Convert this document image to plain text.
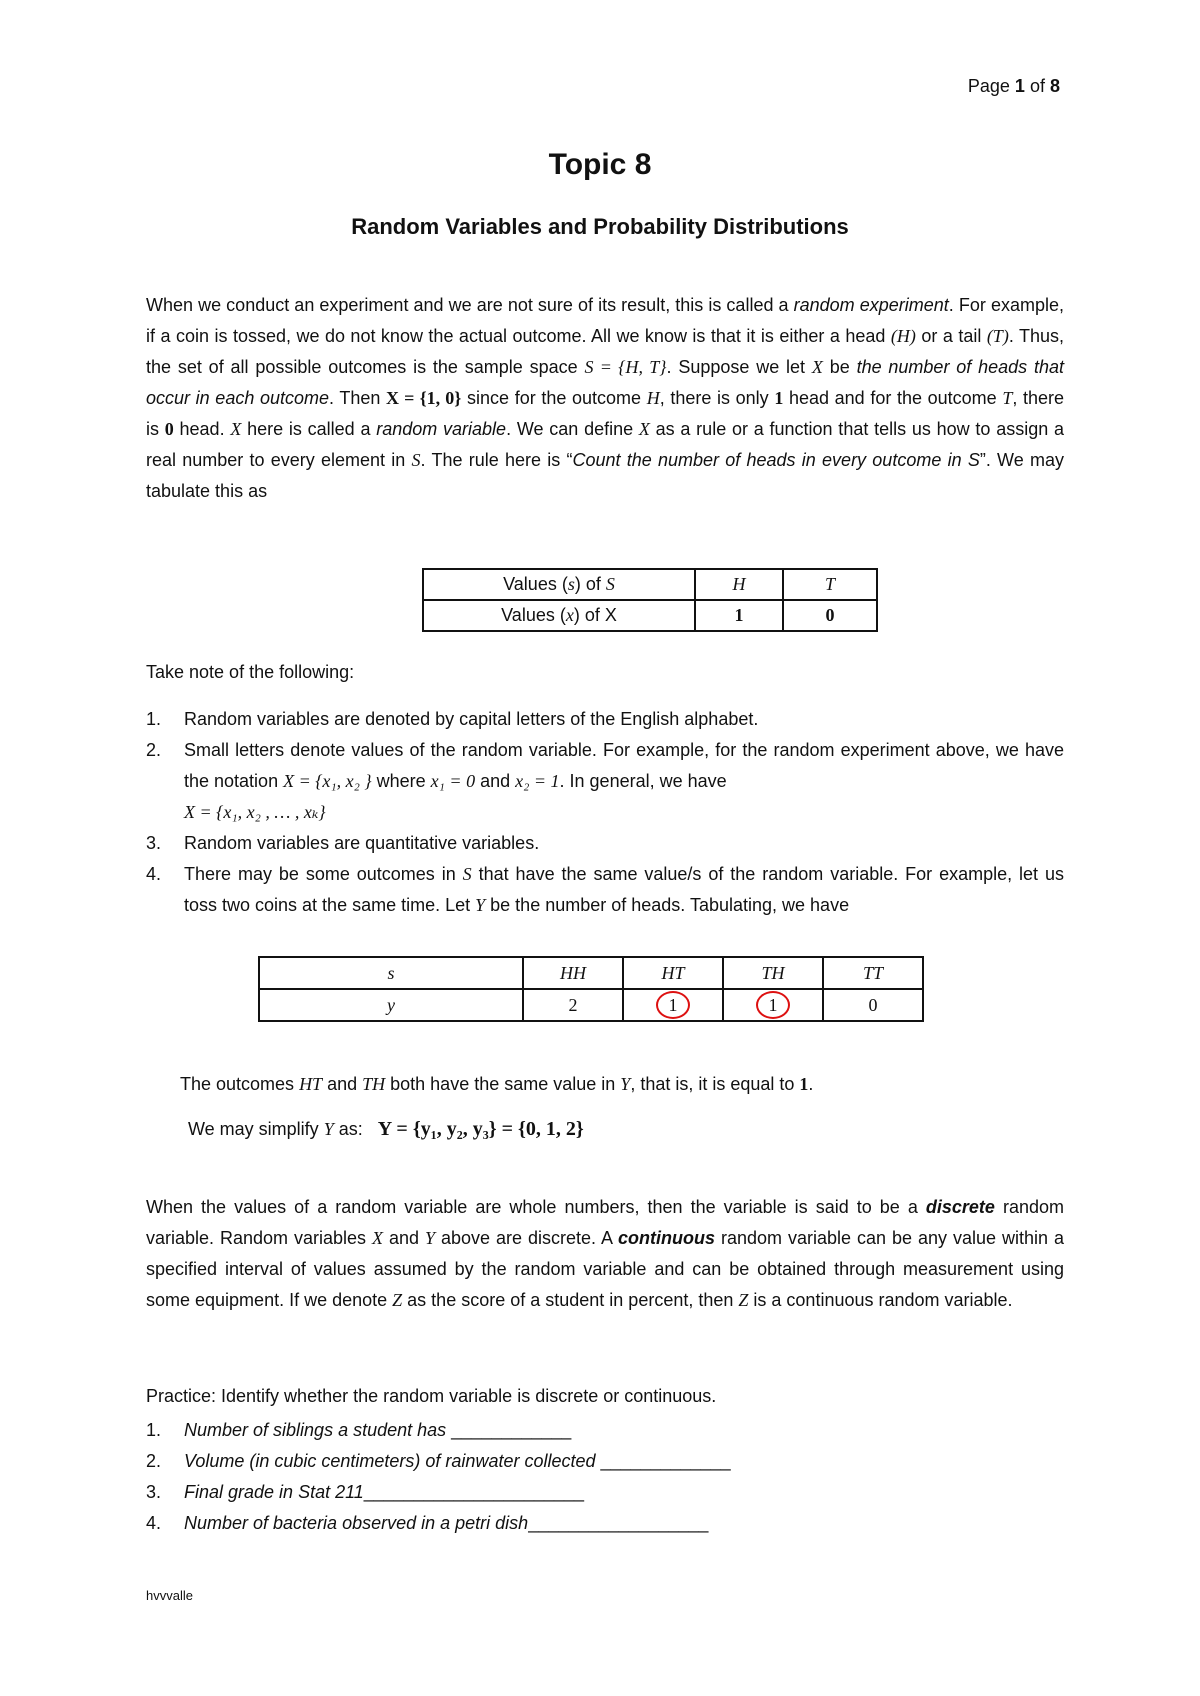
Page 1 of 8
Topic 8
Random Variables and Probability Distributions
When we conduct an experiment and we are not sure of its result, this is called a random experiment. For example, if a coin is tossed, we do not know the actual outcome. All we know is that it is either a head (H) or a tail (T). Thus, the set of all possible outcomes is the sample space S = {H, T}. Suppose we let X be the number of heads that occur in each outcome. Then X = {1, 0} since for the outcome H, there is only 1 head and for the outcome T, there is 0 head. X here is called a random variable. We can define X as a rule or a function that tells us how to assign a real number to every element in S. The rule here is “Count the number of heads in every outcome in S”. We may tabulate this as
Values (s) of S	H	T
Values (x) of X	1	0
Take note of the following:
1. Random variables are denoted by capital letters of the English alphabet.
2. Small letters denote values of the random variable. For example, for the random experiment above, we have the notation X = {x₁, x₂ } where x₁ = 0 and x₂ = 1. In general, we have
X = {x₁, x₂ , … , xₖ}
3. Random variables are quantitative variables.
4. There may be some outcomes in S that have the same value/s of the random variable. For example, let us toss two coins at the same time. Let Y be the number of heads. Tabulating, we have
s	HH	HT	TH	TT
y	2	1	1	0
The outcomes HT and TH both have the same value in Y, that is, it is equal to 1.
We may simplify Y as: Y = {y₁, y₂, y₃} = {0, 1, 2}
When the values of a random variable are whole numbers, then the variable is said to be a discrete random variable. Random variables X and Y above are discrete. A continuous random variable can be any value within a specified interval of values assumed by the random variable and can be obtained through measurement using some equipment. If we denote Z as the score of a student in percent, then Z is a continuous random variable.
Practice: Identify whether the random variable is discrete or continuous.
1. Number of siblings a student has ____________
2. Volume (in cubic centimeters) of rainwater collected _____________
3. Final grade in Stat 211______________________
4. Number of bacteria observed in a petri dish__________________
hvvvalle
